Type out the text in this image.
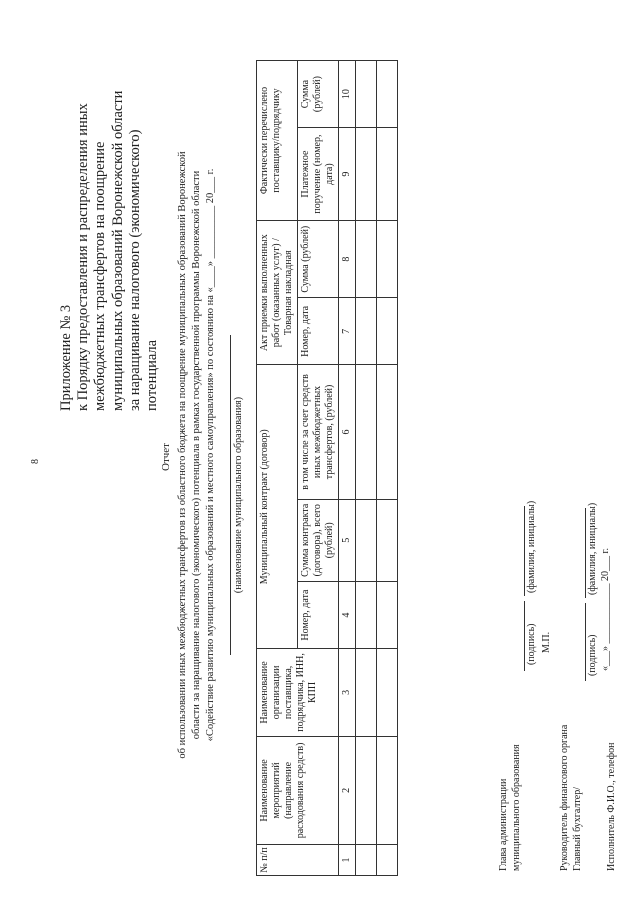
8
Приложение № 3 к Порядку предоставления и распределения иных межбюджетных трансфертов на поощрение муниципальных образований Воронежской области за наращивание налогового (экономического) потенциала
Отчет об использовании иных межбюджетных трансфертов из областного бюджета на поощрение муниципальных образований Воронежской области за наращивание налогового (экономического) потенциала в рамках государственной программы Воронежской области «Содействие развитию муниципальных образований и местного самоуправления» по состоянию на «____» __________ 20___ г. (наименование муниципального образования)
№ п/п	Наименование мероприятий (направление расходования средств)	Наименование организации поставщика, подрядчика, ИНН, КПП	Муниципальный контракт (договор)			Акт приемки выполненных работ (оказанных услуг) / Товарная накладная		Фактически перечислено поставщику/подрядчику	
			Номер, дата	Сумма контракта (договора), всего (рублей)	в том числе за счет средств иных межбюджетных трансфертов, (рублей)	Номер, дата	Сумма (рублей)	Платежное поручение (номер, дата)	Сумма (рублей)
1	2	3	4	5	6	7	8	9	10

Глава администрации муниципального образования
(подпись)
(фамилия, инициалы)
М.П.
Руководитель финансового органа Главный бухгалтер/
(подпись)
(фамилия, инициалы)
Исполнитель Ф.И.О., телефон
«___» ____________ 20___ г.
